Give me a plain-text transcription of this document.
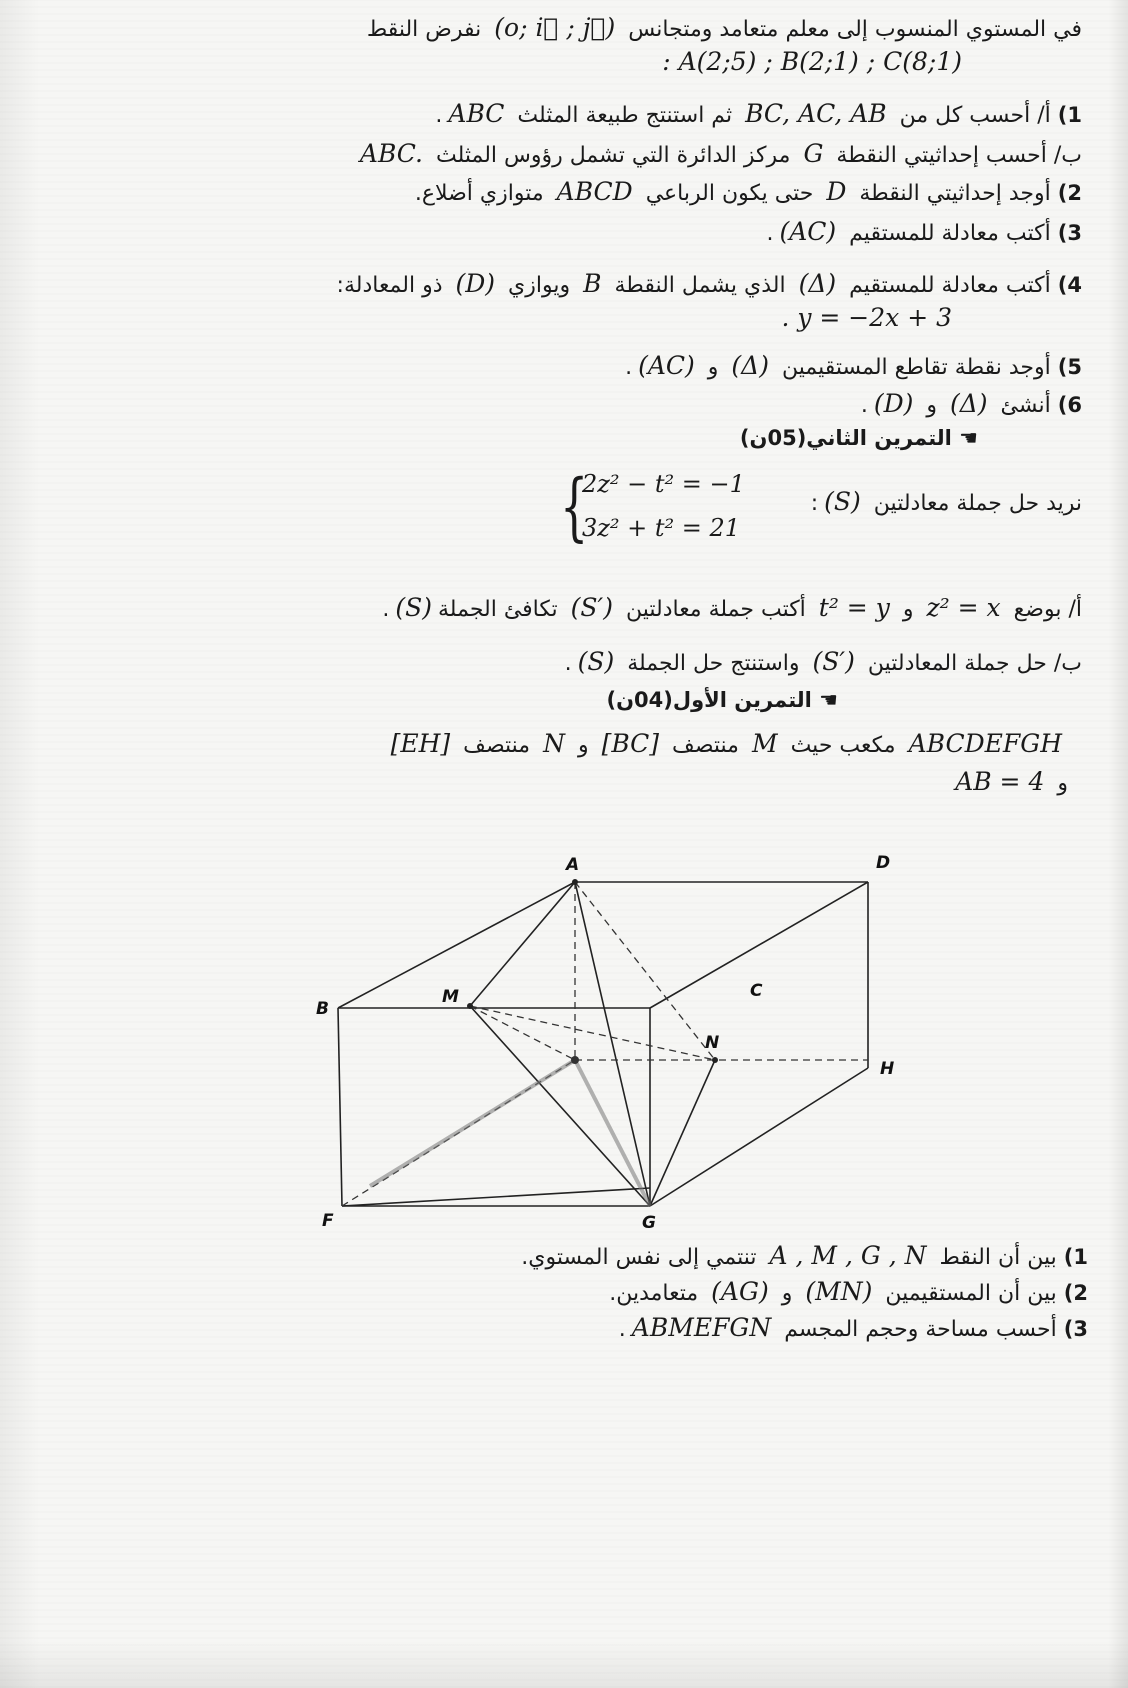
في المستوي المنسوب إلى معلم متعامد ومتجانس (o; i⃗ ; j⃗) نفرض النقط
: A(2;5) ; B(2;1) ; C(8;1)
1) أ/ أحسب كل من BC, AC, AB ثم استنتج طبيعة المثلث ABC.
ب/ أحسب إحداثيتي النقطة G مركز الدائرة التي تشمل رؤوس المثلث ABC.
2) أوجد إحداثيتي النقطة D حتى يكون الرباعي ABCD متوازي أضلاع.
3) أكتب معادلة للمستقيم (AC).
4) أكتب معادلة للمستقيم (Δ) الذي يشمل النقطة B ويوازي (D) ذو المعادلة:
. y = −2x + 3
5) أوجد نقطة تقاطع المستقيمين (Δ) و (AC).
6) أنشئ (Δ) و (D).
☚ التمرين الثاني(05ن)
نريد حل جملة معادلتين (S):
{
2z² − t² = −1
3z² + t² = 21
أ/ بوضع z² = x و t² = y أكتب جملة معادلتين (S′) تكافئ الجملة(S).
ب/ حل جملة المعادلتين (S′) واستنتج حل الجملة (S).
☚ التمرين الأول(04ن)
ABCDEFGH مكعب حيث M منتصف [BC] و N منتصف [EH]
و AB = 4
A	D
B
M	C
N
H
F	G
1) بين أن النقط A , M , G , N تنتمي إلى نفس المستوي.
2) بين أن المستقيمين (MN) و (AG) متعامدين.
3) أحسب مساحة وحجم المجسم ABMEFGN.
